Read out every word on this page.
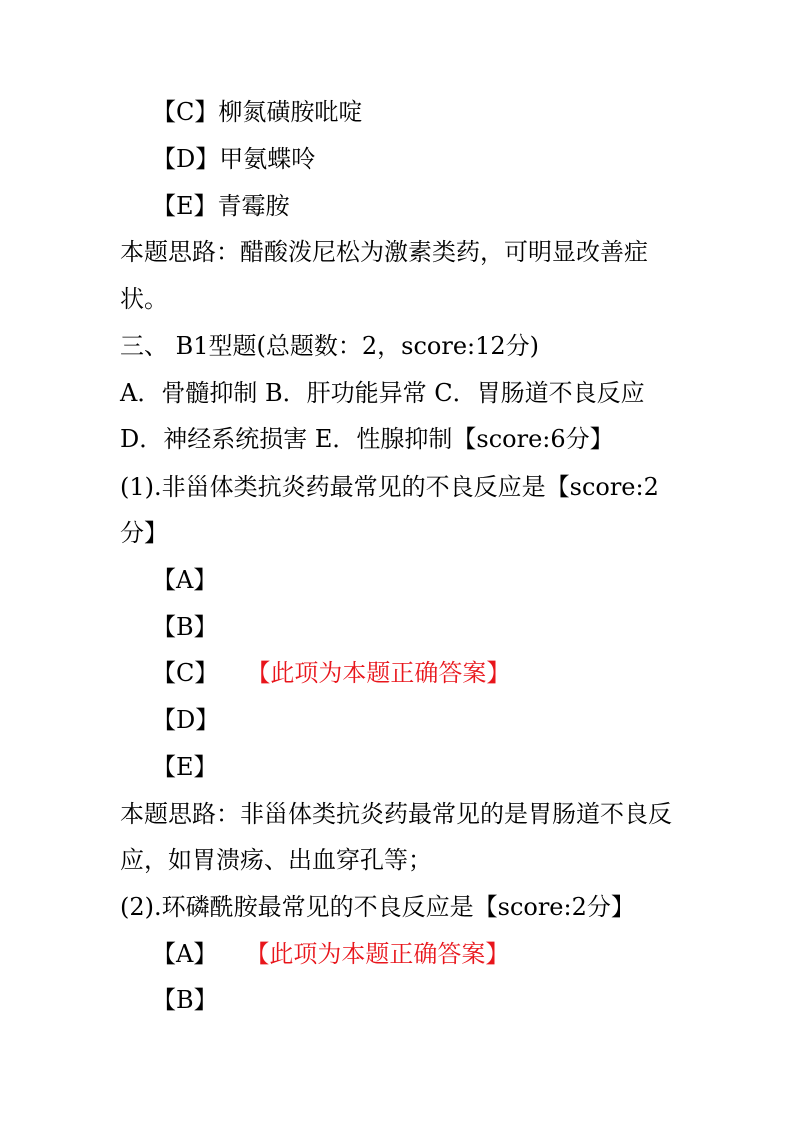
【C】柳氮磺胺吡啶
【D】甲氨蝶呤
【E】青霉胺
本题思路：醋酸泼尼松为激素类药，可明显改善症
状。
三、 B1型题(总题数：2，score:12分)
A．骨髓抑制 B．肝功能异常 C．胃肠道不良反应
D．神经系统损害 E．性腺抑制【score:6分】
(1).非甾体类抗炎药最常见的不良反应是【score:2
分】
【A】
【B】
【C】 【此项为本题正确答案】
【D】
【E】
本题思路：非甾体类抗炎药最常见的是胃肠道不良反
应，如胃溃疡、出血穿孔等；
(2).环磷酰胺最常见的不良反应是【score:2分】
【A】 【此项为本题正确答案】
【B】
